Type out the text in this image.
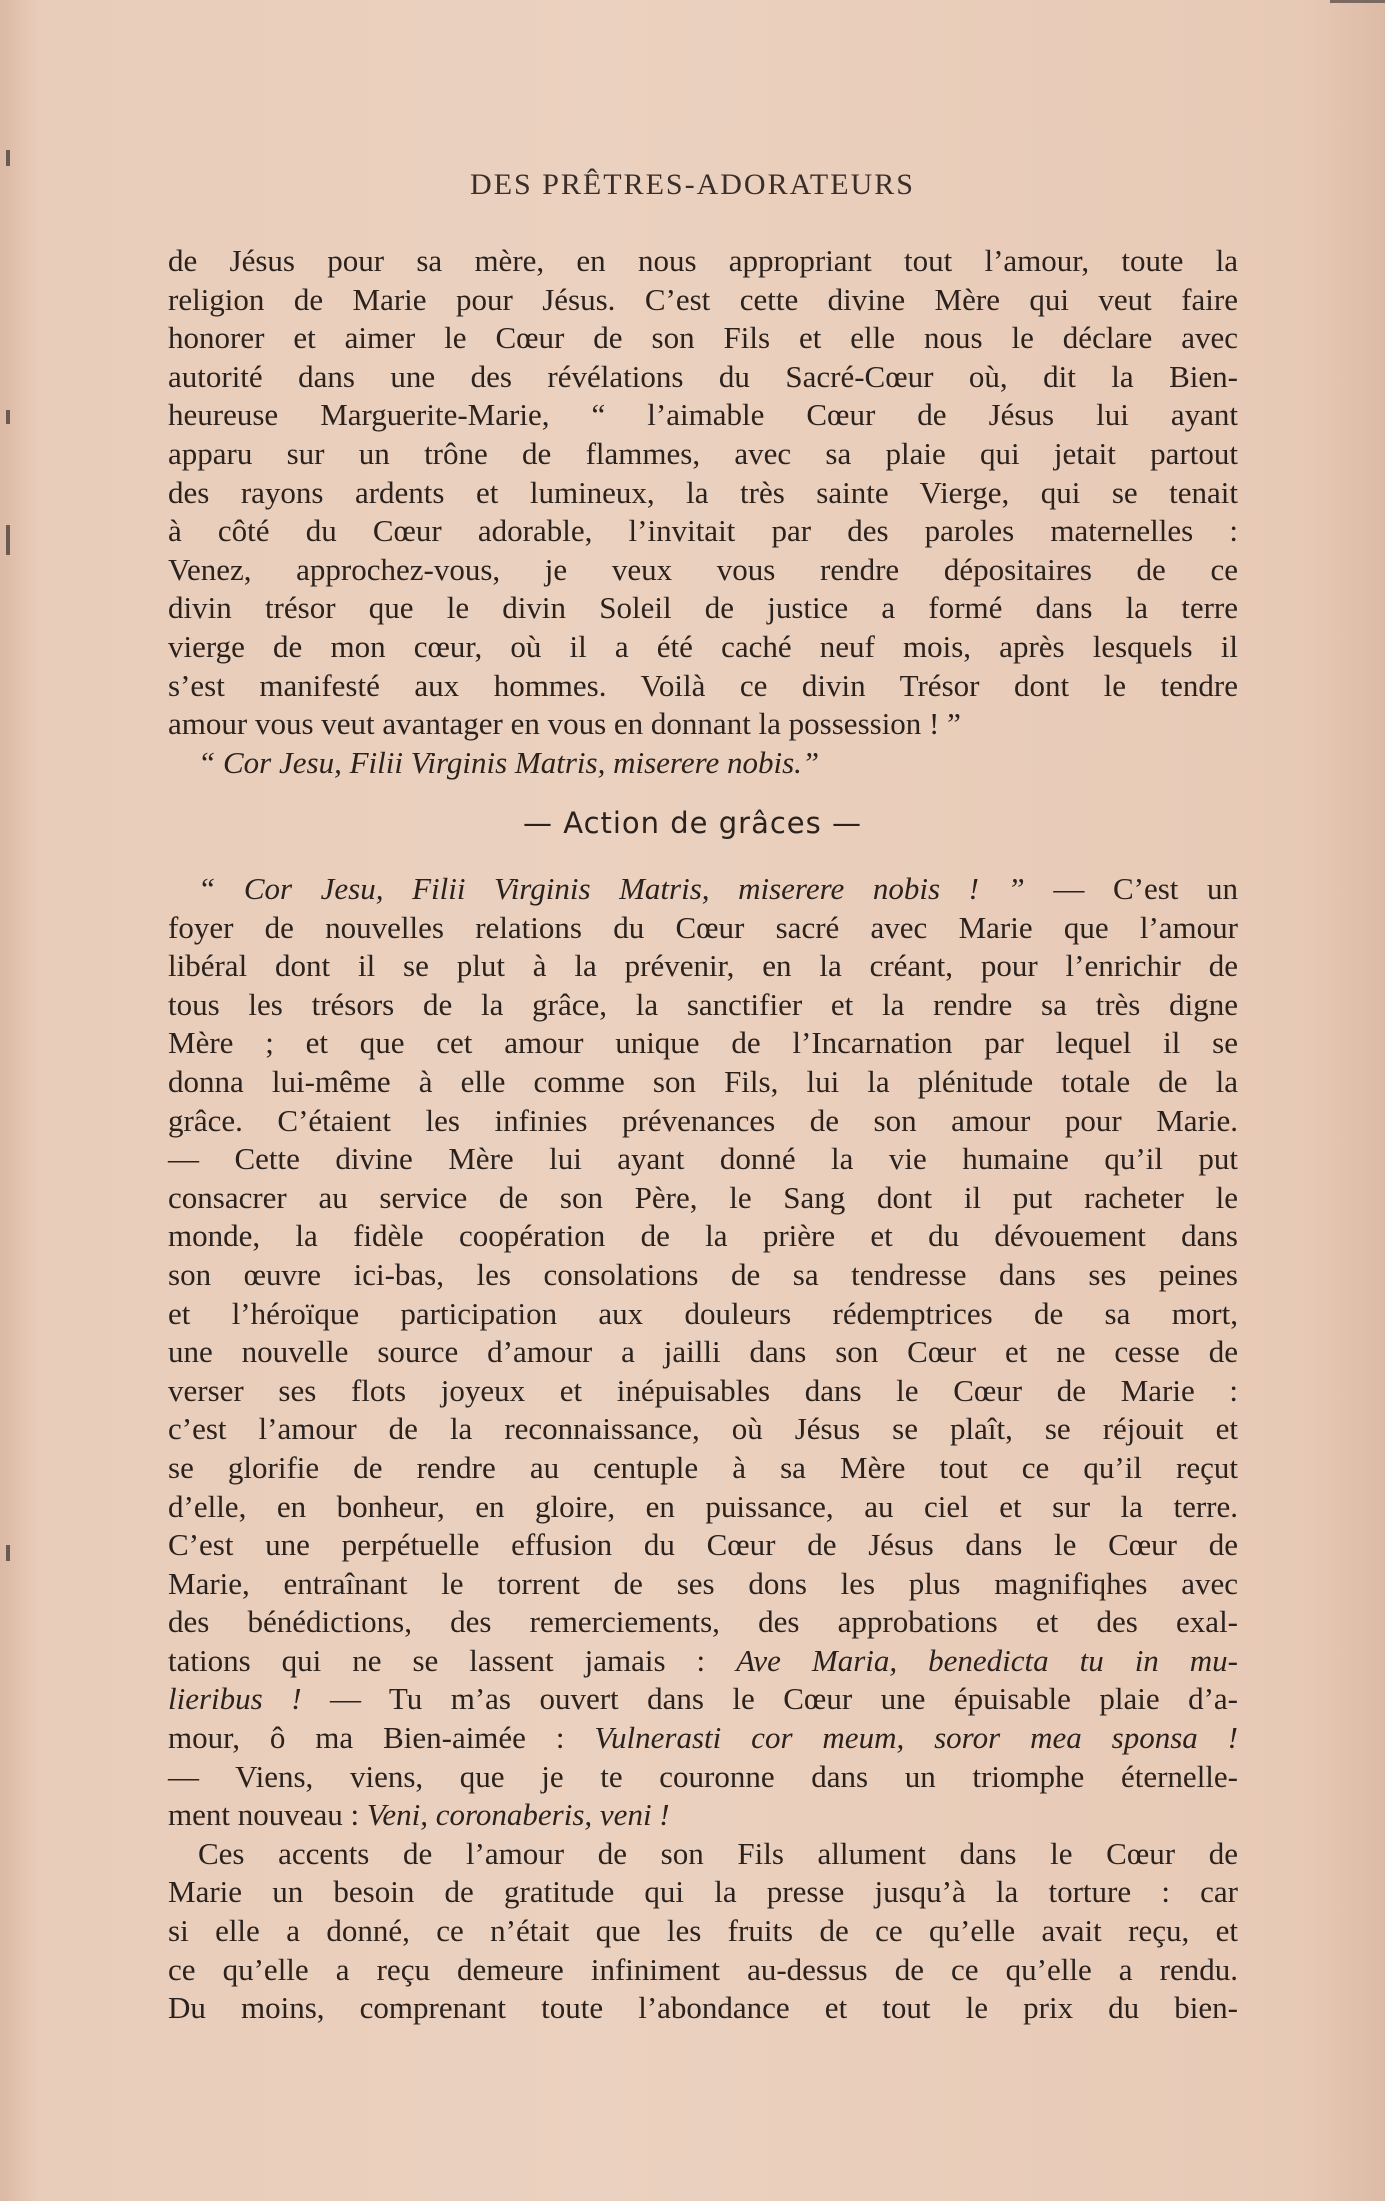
DES PRÊTRES-ADORATEURS
de Jésus pour sa mère, en nous appropriant tout l’amour, toute la
religion de Marie pour Jésus. C’est cette divine Mère qui veut faire
honorer et aimer le Cœur de son Fils et elle nous le déclare avec
autorité dans une des révélations du Sacré-Cœur où, dit la Bien-
heureuse Marguerite-Marie, “ l’aimable Cœur de Jésus lui ayant
apparu sur un trône de flammes, avec sa plaie qui jetait partout
des rayons ardents et lumineux, la très sainte Vierge, qui se tenait
à côté du Cœur adorable, l’invitait par des paroles maternelles :
Venez, approchez-vous, je veux vous rendre dépositaires de ce
divin trésor que le divin Soleil de justice a formé dans la terre
vierge de mon cœur, où il a été caché neuf mois, après lesquels il
s’est manifesté aux hommes. Voilà ce divin Trésor dont le tendre
amour vous veut avantager en vous en donnant la possession ! ”
“ Cor Jesu, Filii Virginis Matris, miserere nobis.”
— Action de grâces —
“ Cor Jesu, Filii Virginis Matris, miserere nobis ! ” — C’est un
foyer de nouvelles relations du Cœur sacré avec Marie que l’amour
libéral dont il se plut à la prévenir, en la créant, pour l’enrichir de
tous les trésors de la grâce, la sanctifier et la rendre sa très digne
Mère ; et que cet amour unique de l’Incarnation par lequel il se
donna lui-même à elle comme son Fils, lui la plénitude totale de la
grâce. C’étaient les infinies prévenances de son amour pour Marie.
— Cette divine Mère lui ayant donné la vie humaine qu’il put
consacrer au service de son Père, le Sang dont il put racheter le
monde, la fidèle coopération de la prière et du dévouement dans
son œuvre ici-bas, les consolations de sa tendresse dans ses peines
et l’héroïque participation aux douleurs rédemptrices de sa mort,
une nouvelle source d’amour a jailli dans son Cœur et ne cesse de
verser ses flots joyeux et inépuisables dans le Cœur de Marie :
c’est l’amour de la reconnaissance, où Jésus se plaît, se réjouit et
se glorifie de rendre au centuple à sa Mère tout ce qu’il reçut
d’elle, en bonheur, en gloire, en puissance, au ciel et sur la terre.
C’est une perpétuelle effusion du Cœur de Jésus dans le Cœur de
Marie, entraînant le torrent de ses dons les plus magnifiqhes avec
des bénédictions, des remerciements, des approbations et des exal-
tations qui ne se lassent jamais : Ave Maria, benedicta tu in mu-
lieribus ! — Tu m’as ouvert dans le Cœur une épuisable plaie d’a-
mour, ô ma Bien-aimée : Vulnerasti cor meum, soror mea sponsa !
— Viens, viens, que je te couronne dans un triomphe éternelle-
ment nouveau : Veni, coronaberis, veni !
Ces accents de l’amour de son Fils allument dans le Cœur de
Marie un besoin de gratitude qui la presse jusqu’à la torture : car
si elle a donné, ce n’était que les fruits de ce qu’elle avait reçu, et
ce qu’elle a reçu demeure infiniment au-dessus de ce qu’elle a rendu.
Du moins, comprenant toute l’abondance et tout le prix du bien-
